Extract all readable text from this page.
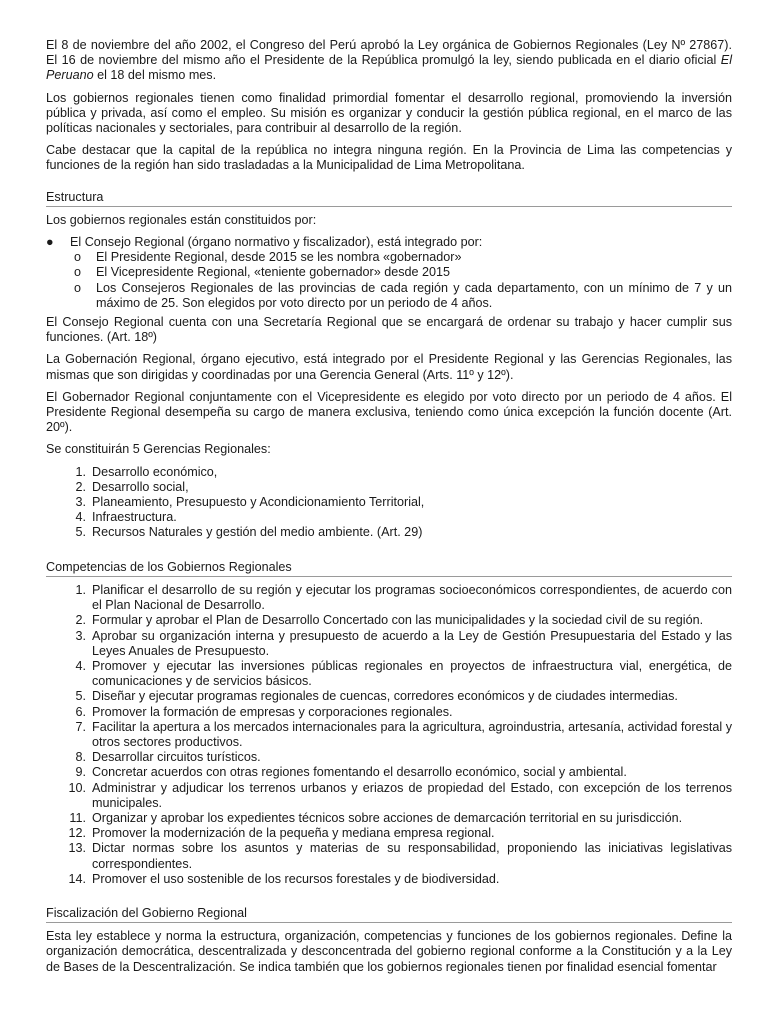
El 8 de noviembre del año 2002, el Congreso del Perú aprobó la Ley orgánica de Gobiernos Regionales (Ley Nº 27867). El 16 de noviembre del mismo año el Presidente de la República promulgó la ley, siendo publicada en el diario oficial El Peruano el 18 del mismo mes.

Los gobiernos regionales tienen como finalidad primordial fomentar el desarrollo regional, promoviendo la inversión pública y privada, así como el empleo. Su misión es organizar y conducir la gestión pública regional, en el marco de las políticas nacionales y sectoriales, para contribuir al desarrollo de la región.

Cabe destacar que la capital de la república no integra ninguna región. En la Provincia de Lima las competencias y funciones de la región han sido trasladadas a la Municipalidad de Lima Metropolitana.

Estructura

Los gobiernos regionales están constituidos por:

● El Consejo Regional (órgano normativo y fiscalizador), está integrado por:
o El Presidente Regional, desde 2015 se les nombra «gobernador»
o El Vicepresidente Regional, «teniente gobernador» desde 2015
o Los Consejeros Regionales de las provincias de cada región y cada departamento, con un mínimo de 7 y un máximo de 25. Son elegidos por voto directo por un periodo de 4 años.

El Consejo Regional cuenta con una Secretaría Regional que se encargará de ordenar su trabajo y hacer cumplir sus funciones. (Art. 18º)

La Gobernación Regional, órgano ejecutivo, está integrado por el Presidente Regional y las Gerencias Regionales, las mismas que son dirigidas y coordinadas por una Gerencia General (Arts. 11º y 12º).

El Gobernador Regional conjuntamente con el Vicepresidente es elegido por voto directo por un periodo de 4 años. El Presidente Regional desempeña su cargo de manera exclusiva, teniendo como única excepción la función docente (Art. 20º).

Se constituirán 5 Gerencias Regionales:

1. Desarrollo económico,
2. Desarrollo social,
3. Planeamiento, Presupuesto y Acondicionamiento Territorial,
4. Infraestructura.
5. Recursos Naturales y gestión del medio ambiente. (Art. 29)
Competencias de los Gobiernos Regionales
1. Planificar el desarrollo de su región y ejecutar los programas socioeconómicos correspondientes, de acuerdo con el Plan Nacional de Desarrollo.
2. Formular y aprobar el Plan de Desarrollo Concertado con las municipalidades y la sociedad civil de su región.
3. Aprobar su organización interna y presupuesto de acuerdo a la Ley de Gestión Presupuestaria del Estado y las Leyes Anuales de Presupuesto.
4. Promover y ejecutar las inversiones públicas regionales en proyectos de infraestructura vial, energética, de comunicaciones y de servicios básicos.
5. Diseñar y ejecutar programas regionales de cuencas, corredores económicos y de ciudades intermedias.
6. Promover la formación de empresas y corporaciones regionales.
7. Facilitar la apertura a los mercados internacionales para la agricultura, agroindustria, artesanía, actividad forestal y otros sectores productivos.
8. Desarrollar circuitos turísticos.
9. Concretar acuerdos con otras regiones fomentando el desarrollo económico, social y ambiental.
10. Administrar y adjudicar los terrenos urbanos y eriazos de propiedad del Estado, con excepción de los terrenos municipales.
11. Organizar y aprobar los expedientes técnicos sobre acciones de demarcación territorial en su jurisdicción.
12. Promover la modernización de la pequeña y mediana empresa regional.
13. Dictar normas sobre los asuntos y materias de su responsabilidad, proponiendo las iniciativas legislativas correspondientes.
14. Promover el uso sostenible de los recursos forestales y de biodiversidad.
Fiscalización del Gobierno Regional

Esta ley establece y norma la estructura, organización, competencias y funciones de los gobiernos regionales. Define la organización democrática, descentralizada y desconcentrada del gobierno regional conforme a la Constitución y a la Ley de Bases de la Descentralización. Se indica también que los gobiernos regionales tienen por finalidad esencial fomentar
